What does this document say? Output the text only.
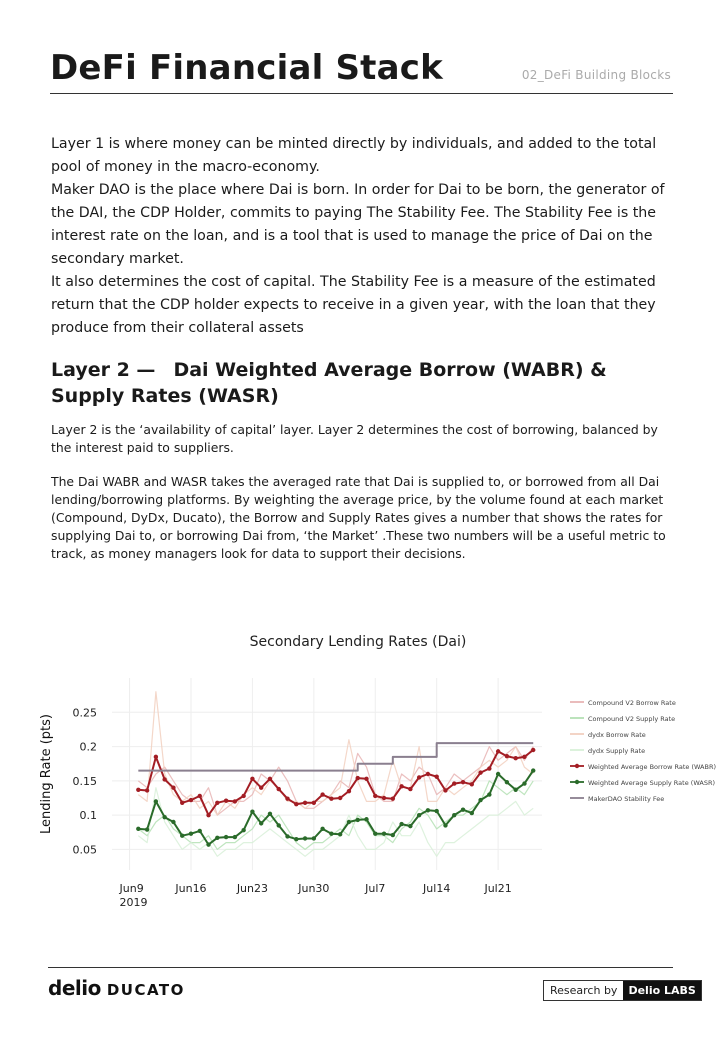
DeFi Financial Stack	02_DeFi Building Blocks

Layer 1 is where money can be minted directly by individuals, and added to the total pool of money in the macro-economy.

Maker DAO is the place where Dai is born. In order for Dai to be born, the generator of the DAI, the CDP Holder, commits to paying The Stability Fee. The Stability Fee is the interest rate on the loan, and is a tool that is used to manage the price of Dai on the secondary market.

It also determines the cost of capital. The Stability Fee is a measure of the estimated return that the CDP holder expects to receive in a given year, with the loan that they produce from their collateral assets

Layer 2 — Dai Weighted Average Borrow (WABR) & Supply Rates (WASR)
Layer 2 is the ‘availability of capital’ layer. Layer 2 determines the cost of borrowing, balanced by the interest paid to suppliers.
The Dai WABR and WASR takes the averaged rate that Dai is supplied to, or borrowed from all Dai lending/borrowing platforms. By weighting the average price, by the volume found at each market (Compound, DyDx, Ducato), the Borrow and Supply Rates gives a number that shows the rates for supplying Dai to, or borrowing Dai from, ‘the Market’ .These two numbers will be a useful metric to track, as money managers look for data to support their decisions.
Secondary Lending Rates (Dai)
Lending Rate (pts)
0.05
0.1
0.15
0.2
0.25
Jun9
2019
Jun16	Jun23	Jun30	Jul7	Jul14	Jul21
Compound V2 Borrow Rate
Compound V2 Supply Rate
dydx Borrow Rate
dydx Supply Rate
Weighted Average Borrow Rate (WABR)
Weighted Average Supply Rate (WASR)
MakerDAO Stability Fee
delio DUCATO	Research by	Delio LABS
